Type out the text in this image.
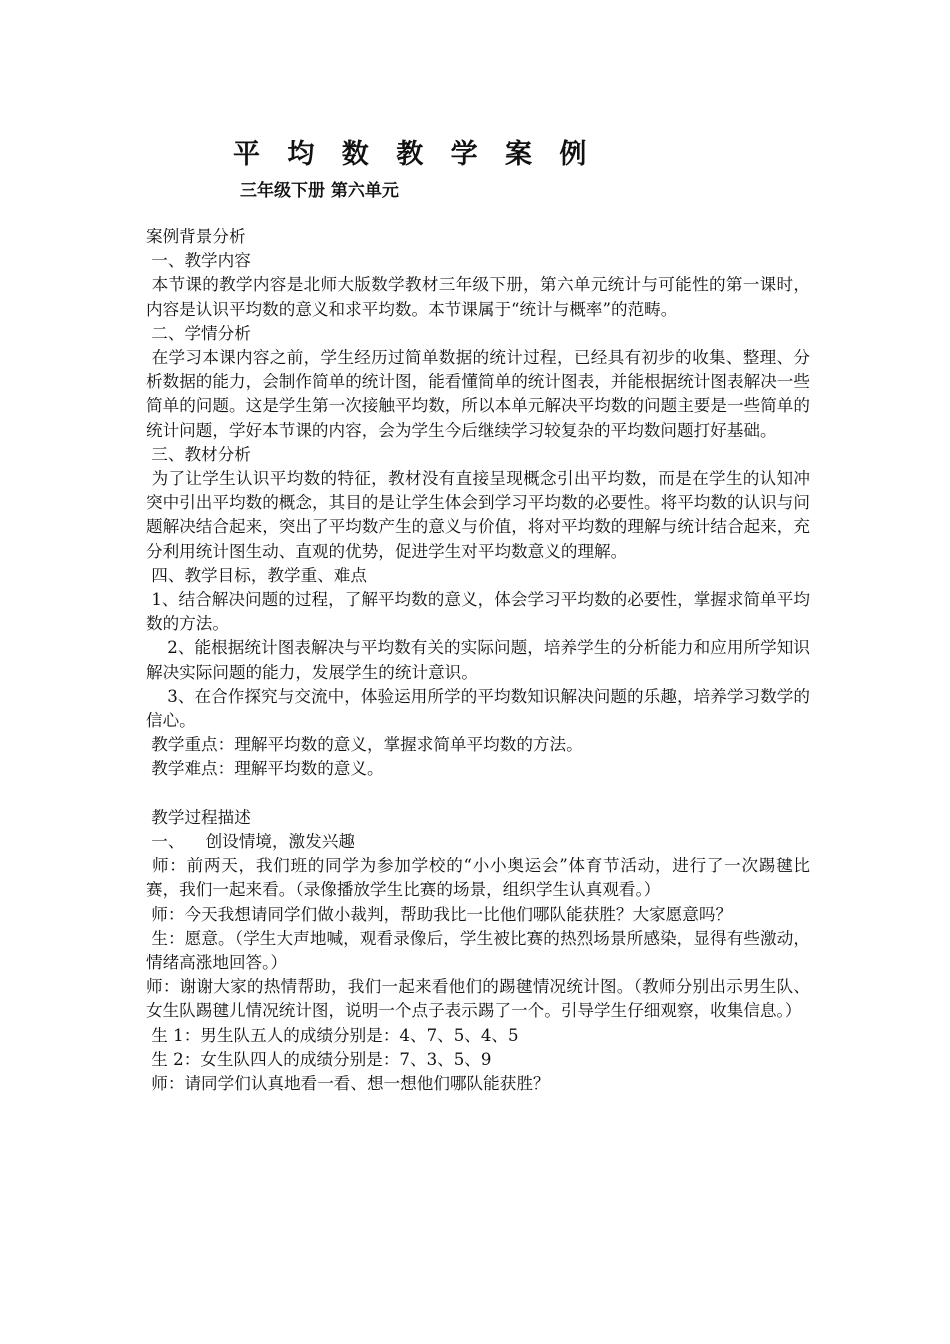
平 均 数 教 学 案 例
三年级下册 第六单元

案例背景分析

一、教学内容

本节课的教学内容是北师大版数学教材三年级下册，第六单元统计与可能性的第一课时，内容是认识平均数的意义和求平均数。本节课属于“统计与概率”的范畴。

二、学情分析

在学习本课内容之前，学生经历过简单数据的统计过程，已经具有初步的收集、整理、分析数据的能力，会制作简单的统计图，能看懂简单的统计图表，并能根据统计图表解决一些简单的问题。这是学生第一次接触平均数，所以本单元解决平均数的问题主要是一些简单的统计问题，学好本节课的内容，会为学生今后继续学习较复杂的平均数问题打好基础。

三、教材分析

为了让学生认识平均数的特征，教材没有直接呈现概念引出平均数，而是在学生的认知冲突中引出平均数的概念，其目的是让学生体会到学习平均数的必要性。将平均数的认识与问题解决结合起来，突出了平均数产生的意义与价值，将对平均数的理解与统计结合起来，充分利用统计图生动、直观的优势，促进学生对平均数意义的理解。

四、教学目标，教学重、难点

1、结合解决问题的过程，了解平均数的意义，体会学习平均数的必要性，掌握求简单平均数的方法。

2、能根据统计图表解决与平均数有关的实际问题，培养学生的分析能力和应用所学知识解决实际问题的能力，发展学生的统计意识。

3、在合作探究与交流中，体验运用所学的平均数知识解决问题的乐趣，培养学习数学的信心。

教学重点：理解平均数的意义，掌握求简单平均数的方法。

教学难点：理解平均数的意义。

教学过程描述

一、    创设情境，激发兴趣

师：前两天，我们班的同学为参加学校的“小小奥运会”体育节活动，进行了一次踢毽比赛，我们一起来看。（录像播放学生比赛的场景，组织学生认真观看。）

师：今天我想请同学们做小裁判，帮助我比一比他们哪队能获胜？大家愿意吗？

生：愿意。（学生大声地喊，观看录像后，学生被比赛的热烈场景所感染，显得有些激动，情绪高涨地回答。）

师：谢谢大家的热情帮助，我们一起来看他们的踢毽情况统计图。（教师分别出示男生队、女生队踢毽儿情况统计图，说明一个点子表示踢了一个。引导学生仔细观察，收集信息。）

生 1：男生队五人的成绩分别是：4、7、5、4、5

生 2：女生队四人的成绩分别是：7、3、5、9

师：请同学们认真地看一看、想一想他们哪队能获胜？
